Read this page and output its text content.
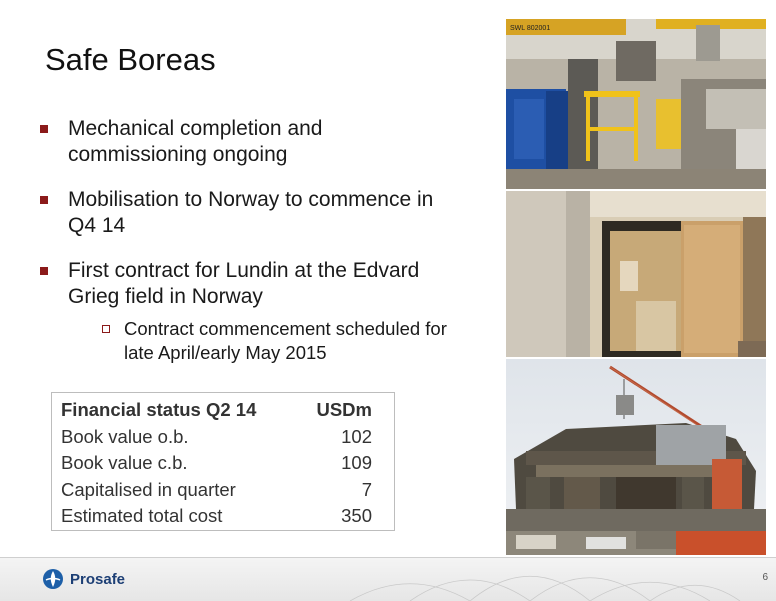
Safe Boreas
Mechanical completion and commissioning ongoing
Mobilisation to Norway to commence in Q4 14
First contract for Lundin at the Edvard Grieg field in Norway
Contract commencement scheduled for late April/early May 2015
Financial status Q2 14	USDm
Book value o.b.	102
Book value c.b.	109
Capitalised in quarter	7
Estimated total cost	350
SWL 802001
Prosafe	6
